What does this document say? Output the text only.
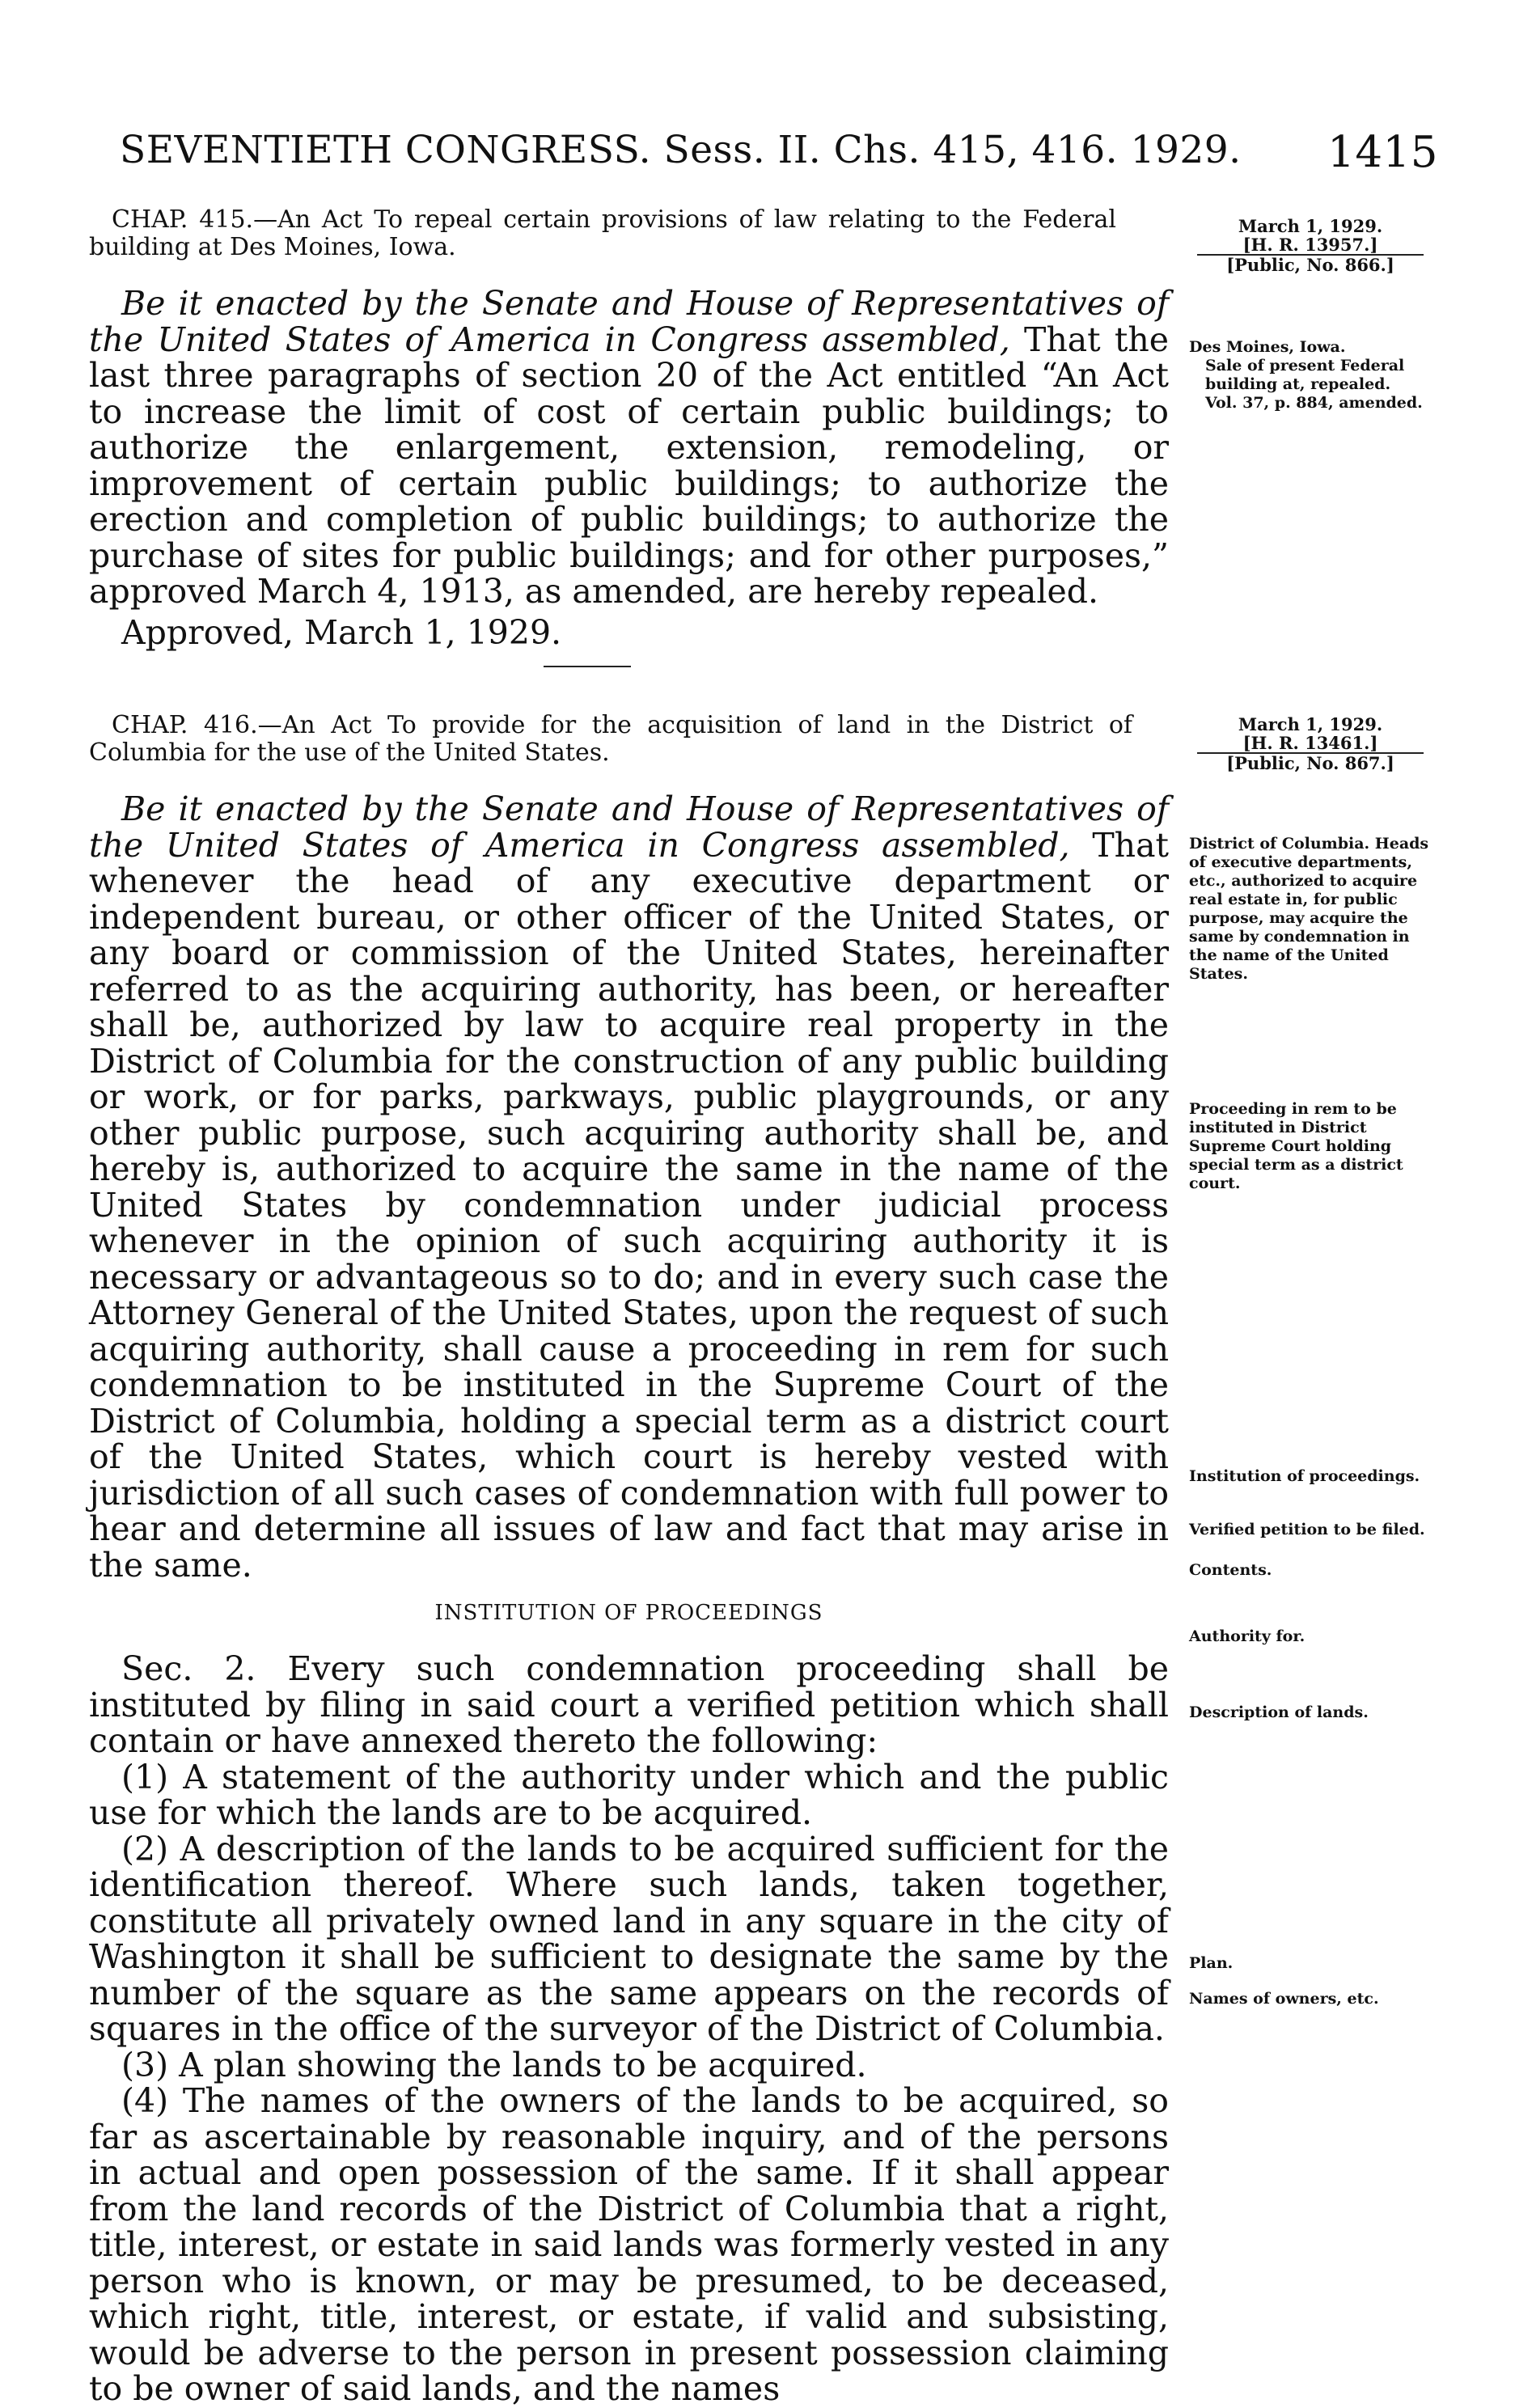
SEVENTIETH CONGRESS. Sess. II. Chs. 415, 416. 1929. 1415

CHAP. 415.—An Act To repeal certain provisions of law relating to the Federal building at Des Moines, Iowa.

Be it enacted by the Senate and House of Representatives of the United States of America in Congress assembled, That the last three paragraphs of section 20 of the Act entitled “An Act to increase the limit of cost of certain public buildings; to authorize the enlargement, extension, remodeling, or improvement of certain public buildings; to authorize the erection and completion of public buildings; to authorize the purchase of sites for public buildings; and for other purposes,” approved March 4, 1913, as amended, are hereby repealed.

Approved, March 1, 1929.

March 1, 1929.
[H. R. 13957.]
[Public, No. 866.]
Des Moines, Iowa.
Sale of present Federal building at, repealed.
Vol. 37, p. 884, amended.

CHAP. 416.—An Act To provide for the acquisition of land in the District of Columbia for the use of the United States.

Be it enacted by the Senate and House of Representatives of the United States of America in Congress assembled, That whenever the head of any executive department or independent bureau, or other officer of the United States, or any board or commission of the United States, hereinafter referred to as the acquiring authority, has been, or hereafter shall be, authorized by law to acquire real property in the District of Columbia for the construction of any public building or work, or for parks, parkways, public playgrounds, or any other public purpose, such acquiring authority shall be, and hereby is, authorized to acquire the same in the name of the United States by condemnation under judicial process whenever in the opinion of such acquiring authority it is necessary or advantageous so to do; and in every such case the Attorney General of the United States, upon the request of such acquiring authority, shall cause a proceeding in rem for such condemnation to be instituted in the Supreme Court of the District of Columbia, holding a special term as a district court of the United States, which court is hereby vested with jurisdiction of all such cases of condemnation with full power to hear and determine all issues of law and fact that may arise in the same.

INSTITUTION OF PROCEEDINGS

Sec. 2. Every such condemnation proceeding shall be instituted by filing in said court a verified petition which shall contain or have annexed thereto the following:

(1) A statement of the authority under which and the public use for which the lands are to be acquired.

(2) A description of the lands to be acquired sufficient for the identification thereof. Where such lands, taken together, constitute all privately owned land in any square in the city of Washington it shall be sufficient to designate the same by the number of the square as the same appears on the records of squares in the office of the surveyor of the District of Columbia.

(3) A plan showing the lands to be acquired.

(4) The names of the owners of the lands to be acquired, so far as ascertainable by reasonable inquiry, and of the persons in actual and open possession of the same. If it shall appear from the land records of the District of Columbia that a right, title, interest, or estate in said lands was formerly vested in any person who is known, or may be presumed, to be deceased, which right, title, interest, or estate, if valid and subsisting, would be adverse to the person in present possession claiming to be owner of said lands, and the names

March 1, 1929.
[H. R. 13461.]
[Public, No. 867.]
District of Columbia. Heads of executive departments, etc., authorized to acquire real estate in, for public purpose, may acquire the same by condemnation in the name of the United States.
Proceeding in rem to be instituted in District Supreme Court holding special term as a district court.
Institution of proceedings.
Verified petition to be filed.
Contents.
Authority for.
Description of lands.
Plan.
Names of owners, etc.
